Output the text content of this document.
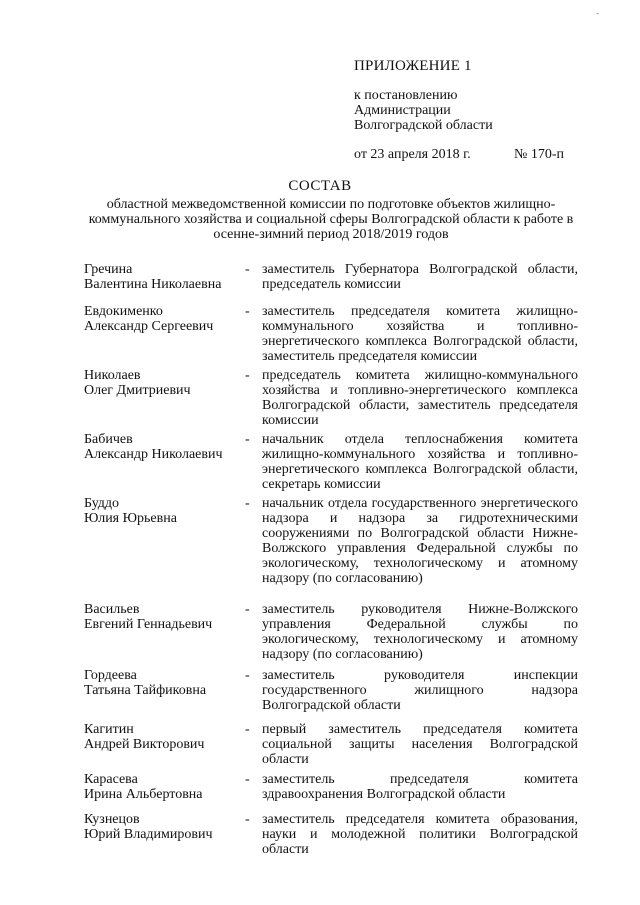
-
ПРИЛОЖЕНИЕ 1
к постановлению
Администрации
Волгоградской области
от 23 апреля 2018 г.	№ 170-п
СОСТАВ
областной межведомственной комиссии по подготовке объектов жилищно-коммунального хозяйства и социальной сферы Волгоградской области к работе в осенне-зимний период 2018/2019 годов
Гречина
Валентина Николаевна
- заместитель Губернатора Волгоградской области, председатель комиссии
Евдокименко
Александр Сергеевич
- заместитель председателя комитета жилищно-коммунального хозяйства и топливно-энергетического комплекса Волгоградской области, заместитель председателя комиссии
Николаев
Олег Дмитриевич
- председатель комитета жилищно-коммунального хозяйства и топливно-энергетического комплекса Волгоградской области, заместитель председателя комиссии
Бабичев
Александр Николаевич
- начальник отдела теплоснабжения комитета жилищно-коммунального хозяйства и топливно-энергетического комплекса Волгоградской области, секретарь комиссии
Буддо
Юлия Юрьевна
- начальник отдела государственного энергетического надзора и надзора за гидротехническими сооружениями по Волгоградской области Нижне-Волжского управления Федеральной службы по экологическому, технологическому и атомному надзору (по согласованию)
Васильев
Евгений Геннадьевич
- заместитель руководителя Нижне-Волжского управления Федеральной службы по экологическому, технологическому и атомному надзору (по согласованию)
Гордеева
Татьяна Тайфиковна
- заместитель руководителя инспекции государственного жилищного надзора Волгоградской области
Кагитин
Андрей Викторович
- первый заместитель председателя комитета социальной защиты населения Волгоградской области
Карасева
Ирина Альбертовна
- заместитель председателя комитета здравоохранения Волгоградской области
Кузнецов
Юрий Владимирович
- заместитель председателя комитета образования, науки и молодежной политики Волгоградской области
